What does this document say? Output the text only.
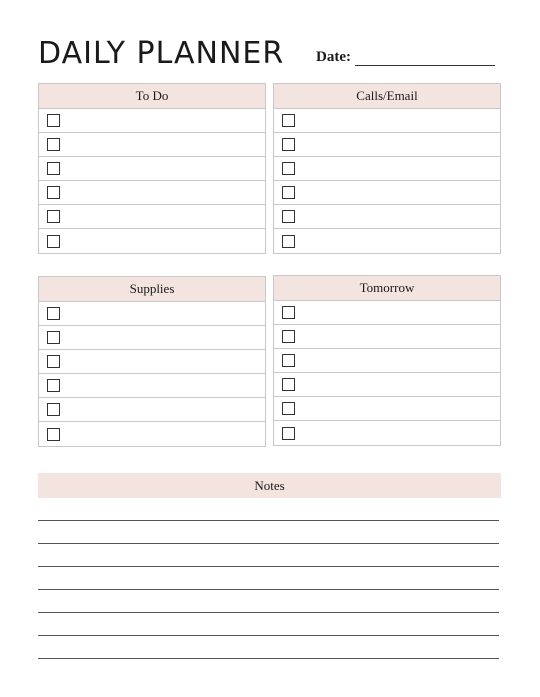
DAILY PLANNER Date:
To Do	Calls/Email
Supplies	Tomorrow
Notes
